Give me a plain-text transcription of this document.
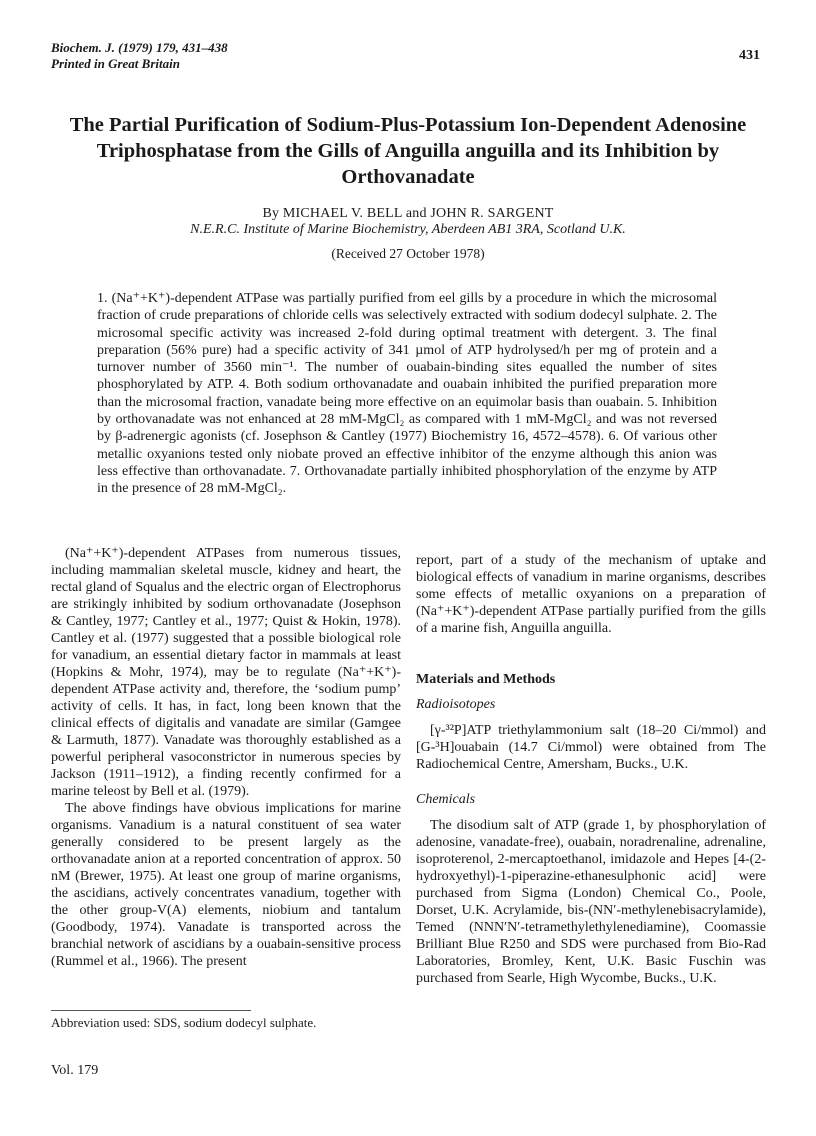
Biochem. J. (1979) 179, 431–438
Printed in Great Britain
431
The Partial Purification of Sodium-Plus-Potassium Ion-Dependent Adenosine Triphosphatase from the Gills of Anguilla anguilla and its Inhibition by Orthovanadate
By MICHAEL V. BELL and JOHN R. SARGENT
N.E.R.C. Institute of Marine Biochemistry, Aberdeen AB1 3RA, Scotland U.K.
(Received 27 October 1978)
1. (Na⁺+K⁺)-dependent ATPase was partially purified from eel gills by a procedure in which the microsomal fraction of crude preparations of chloride cells was selectively extracted with sodium dodecyl sulphate. 2. The microsomal specific activity was increased 2-fold during optimal treatment with detergent. 3. The final preparation (56% pure) had a specific activity of 341 µmol of ATP hydrolysed/h per mg of protein and a turnover number of 3560 min⁻¹. The number of ouabain-binding sites equalled the number of sites phosphorylated by ATP. 4. Both sodium orthovanadate and ouabain inhibited the purified preparation more than the microsomal fraction, vanadate being more effective on an equimolar basis than ouabain. 5. Inhibition by orthovanadate was not enhanced at 28 mM-MgCl₂ as compared with 1 mM-MgCl₂ and was not reversed by β-adrenergic agonists (cf. Josephson & Cantley (1977) Biochemistry 16, 4572–4578). 6. Of various other metallic oxyanions tested only niobate proved an effective inhibitor of the enzyme although this anion was less effective than orthovanadate. 7. Orthovanadate partially inhibited phosphorylation of the enzyme by ATP in the presence of 28 mM-MgCl₂.

(Na⁺+K⁺)-dependent ATPases from numerous tissues, including mammalian skeletal muscle, kidney and heart, the rectal gland of Squalus and the electric organ of Electrophorus are strikingly inhibited by sodium orthovanadate (Josephson & Cantley, 1977; Cantley et al., 1977; Quist & Hokin, 1978). Cantley et al. (1977) suggested that a possible biological role for vanadium, an essential dietary factor in mammals at least (Hopkins & Mohr, 1974), may be to regulate (Na⁺+K⁺)-dependent ATPase activity and, therefore, the ‘sodium pump’ activity of cells. It has, in fact, long been known that the clinical effects of digitalis and vanadate are similar (Gamgee & Larmuth, 1877). Vanadate was thoroughly established as a powerful peripheral vasoconstrictor in numerous species by Jackson (1911–1912), a finding recently confirmed for a marine teleost by Bell et al. (1979).

The above findings have obvious implications for marine organisms. Vanadium is a natural constituent of sea water generally considered to be present largely as the orthovanadate anion at a reported concentration of approx. 50 nM (Brewer, 1975). At least one group of marine organisms, the ascidians, actively concentrates vanadium, together with the other group-V(A) elements, niobium and tantalum (Goodbody, 1974). Vanadate is transported across the branchial network of ascidians by a ouabain-sensitive process (Rummel et al., 1966). The present

Abbreviation used: SDS, sodium dodecyl sulphate.
Vol. 179

report, part of a study of the mechanism of uptake and biological effects of vanadium in marine organisms, describes some effects of metallic oxyanions on a preparation of (Na⁺+K⁺)-dependent ATPase partially purified from the gills of a marine fish, Anguilla anguilla.

Materials and Methods
Radioisotopes

[γ-³²P]ATP triethylammonium salt (18–20 Ci/mmol) and [G-³H]ouabain (14.7 Ci/mmol) were obtained from The Radiochemical Centre, Amersham, Bucks., U.K.

Chemicals

The disodium salt of ATP (grade 1, by phosphorylation of adenosine, vanadate-free), ouabain, noradrenaline, adrenaline, isoproterenol, 2-mercaptoethanol, imidazole and Hepes [4-(2-hydroxyethyl)-1-piperazine-ethanesulphonic acid] were purchased from Sigma (London) Chemical Co., Poole, Dorset, U.K. Acrylamide, bis-(NN′-methylenebisacrylamide), Temed (NNN′N′-tetramethylethylenediamine), Coomassie Brilliant Blue R250 and SDS were purchased from Bio-Rad Laboratories, Bromley, Kent, U.K. Basic Fuschin was purchased from Searle, High Wycombe, Bucks., U.K.
